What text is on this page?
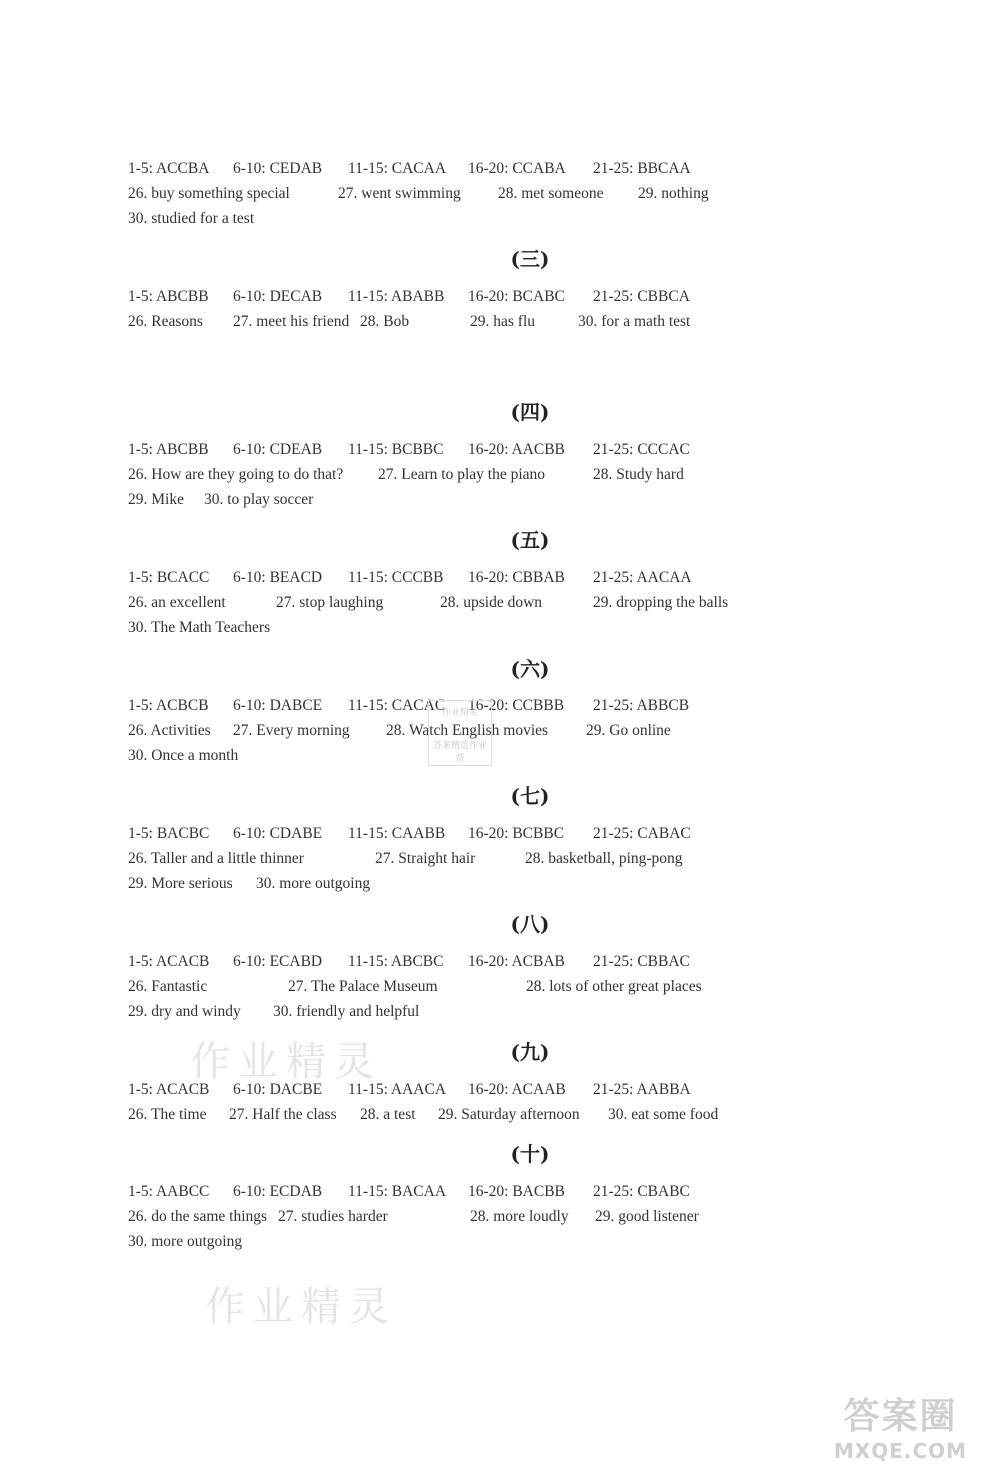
1-5: ACCBA 6-10: CEDAB 11-15: CACAA 16-20: CCABA 21-25: BBCAA
26. buy something special	27. went swimming 28. met someone 29. nothing
30. studied for a test
(三)
1-5: ABCBB 6-10: DECAB 11-15: ABABB 16-20: BCABC 21-25: CBBCA
26. Reasons 27. meet his friend 28. Bob	29. has flu	30. for a math test
(四)
1-5: ABCBB 6-10: CDEAB 11-15: BCBBC 16-20: AACBB 21-25: CCCAC
26. How are they going to do that? 27. Learn to play the piano	28. Study hard
29. Mike 30. to play soccer
(五)
1-5: BCACC 6-10: BEACD 11-15: CCCBB 16-20: CBBAB 21-25: AACAA
26. an excellent	27. stop laughing	28. upside down	29. dropping the balls
30. The Math Teachers
(六)
1-5: ACBCB 6-10: DABCE 11-15: CACAC 16-20: CCBBB 21-25: ABBCB
26. Activities 27. Every morning 28. Watch English movies 29. Go online
30. Once a month
(七)
1-5: BACBC 6-10: CDABE 11-15: CAABB 16-20: BCBBC 21-25: CABAC
26. Taller and a little thinner	27. Straight hair	28. basketball, ping-pong
29. More serious 30. more outgoing
(八)
1-5: ACACB 6-10: ECABD 11-15: ABCBC 16-20: ACBAB 21-25: CBBAC
26. Fantastic	27. The Palace Museum	28. lots of other great places
29. dry and windy 30. friendly and helpful
(九)
1-5: ACACB 6-10: DACBE 11-15: AAACA 16-20: ACAAB 21-25: AABBA
26. The time 27. Half the class 28. a test 29. Saturday afternoon 30. eat some food
(十)
1-5: AABCC 6-10: ECDAB 11-15: BACAA 16-20: BACBB 21-25: CBABC
26. do the same things 27. studies harder	28. more loudly 29. good listener
30. more outgoing
作业精灵
作业精灵
作业精灵
答案精选作业帮
答案圈
MXQE.COM
